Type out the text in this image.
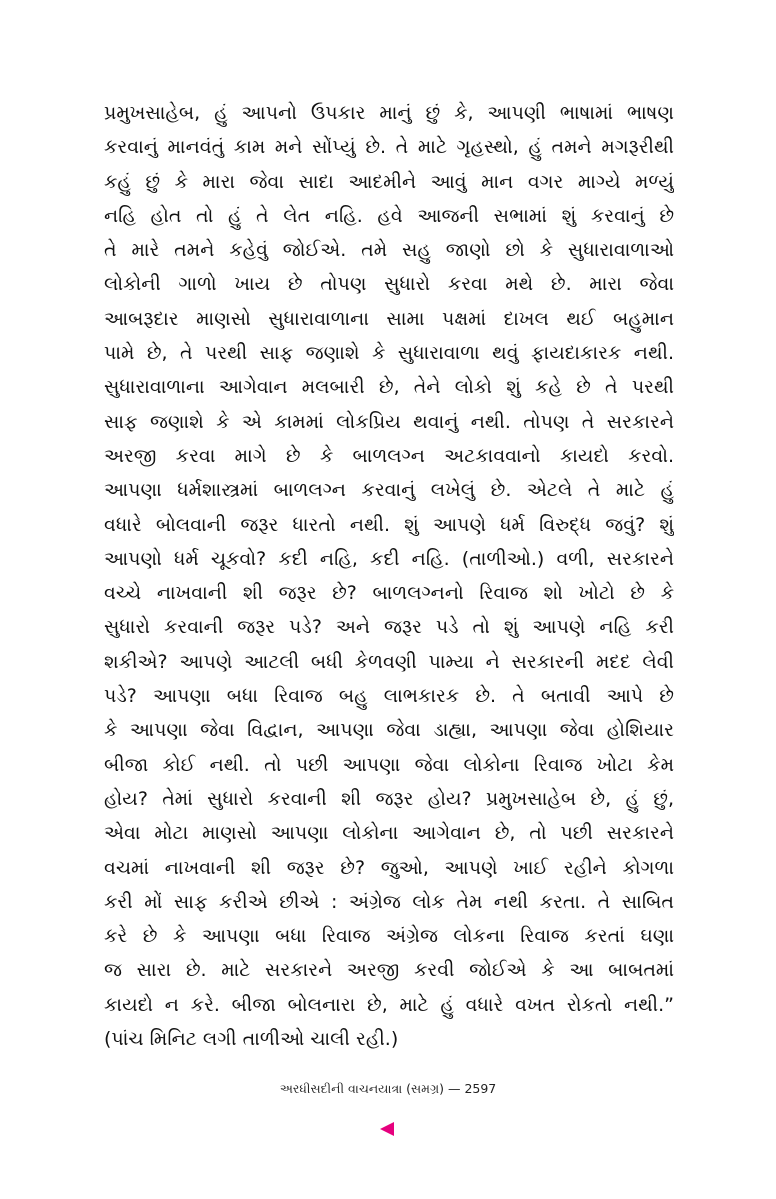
પ્રમુખસાહેબ, હું આપનો ઉપકાર માનું છું કે, આપણી ભાષામાં ભાષણ
કરવાનું માનવંતું કામ મને સોંપ્યું છે. તે માટે ગૃહસ્થો, હું તમને મગરૂરીથી
કહું છું કે મારા જેવા સાદા આદમીને આવું માન વગર માગ્યે મળ્યું
નહિ હોત તો હું તે લેત નહિ. હવે આજની સભામાં શું કરવાનું છે
તે મારે તમને કહેવું જોઈએ. તમે સહુ જાણો છો કે સુધારાવાળાઓ
લોકોની ગાળો ખાય છે તોપણ સુધારો કરવા મથે છે. મારા જેવા
આબરૂદાર માણસો સુધારાવાળાના સામા પક્ષમાં દાખલ થઈ બહુમાન
પામે છે, તે પરથી સાફ જણાશે કે સુધારાવાળા થવું ફાયદાકારક નથી.
સુધારાવાળાના આગેવાન મલબારી છે, તેને લોકો શું કહે છે તે પરથી
સાફ જણાશે કે એ કામમાં લોકપ્રિય થવાનું નથી. તોપણ તે સરકારને
અરજી કરવા માગે છે કે બાળલગ્ન અટકાવવાનો કાયદો કરવો.
આપણા ધર્મશાસ્ત્રમાં બાળલગ્ન કરવાનું લખેલું છે. એટલે તે માટે હું
વધારે બોલવાની જરૂર ધારતો નથી. શું આપણે ધર્મ વિરુદ્ધ જવું? શું
આપણો ધર્મ ચૂકવો? કદી નહિ, કદી નહિ. (તાળીઓ.) વળી, સરકારને
વચ્ચે નાખવાની શી જરૂર છે? બાળલગ્નનો રિવાજ શો ખોટો છે કે
સુધારો કરવાની જરૂર પડે? અને જરૂર પડે તો શું આપણે નહિ કરી
શકીએ? આપણે આટલી બધી કેળવણી પામ્યા ને સરકારની મદદ લેવી
પડે? આપણા બધા રિવાજ બહુ લાભકારક છે. તે બતાવી આપે છે
કે આપણા જેવા વિદ્વાન, આપણા જેવા ડાહ્યા, આપણા જેવા હોશિયાર
બીજા કોઈ નથી. તો પછી આપણા જેવા લોકોના રિવાજ ખોટા કેમ
હોય? તેમાં સુધારો કરવાની શી જરૂર હોય? પ્રમુખસાહેબ છે, હું છું,
એવા મોટા માણસો આપણા લોકોના આગેવાન છે, તો પછી સરકારને
વચમાં નાખવાની શી જરૂર છે? જુઓ, આપણે ખાઈ રહીને કોગળા
કરી મોં સાફ કરીએ છીએ : અંગ્રેજ લોક તેમ નથી કરતા. તે સાબિત
કરે છે કે આપણા બધા રિવાજ અંગ્રેજ લોકના રિવાજ કરતાં ઘણા
જ સારા છે. માટે સરકારને અરજી કરવી જોઈએ કે આ બાબતમાં
કાયદો ન કરે. બીજા બોલનારા છે, માટે હું વધારે વખત રોકતો નથી.”
(પાંચ મિનિટ લગી તાળીઓ ચાલી રહી.)
અરધીસદીની વાચનયાત્રા (સમગ્ર) — 2597
